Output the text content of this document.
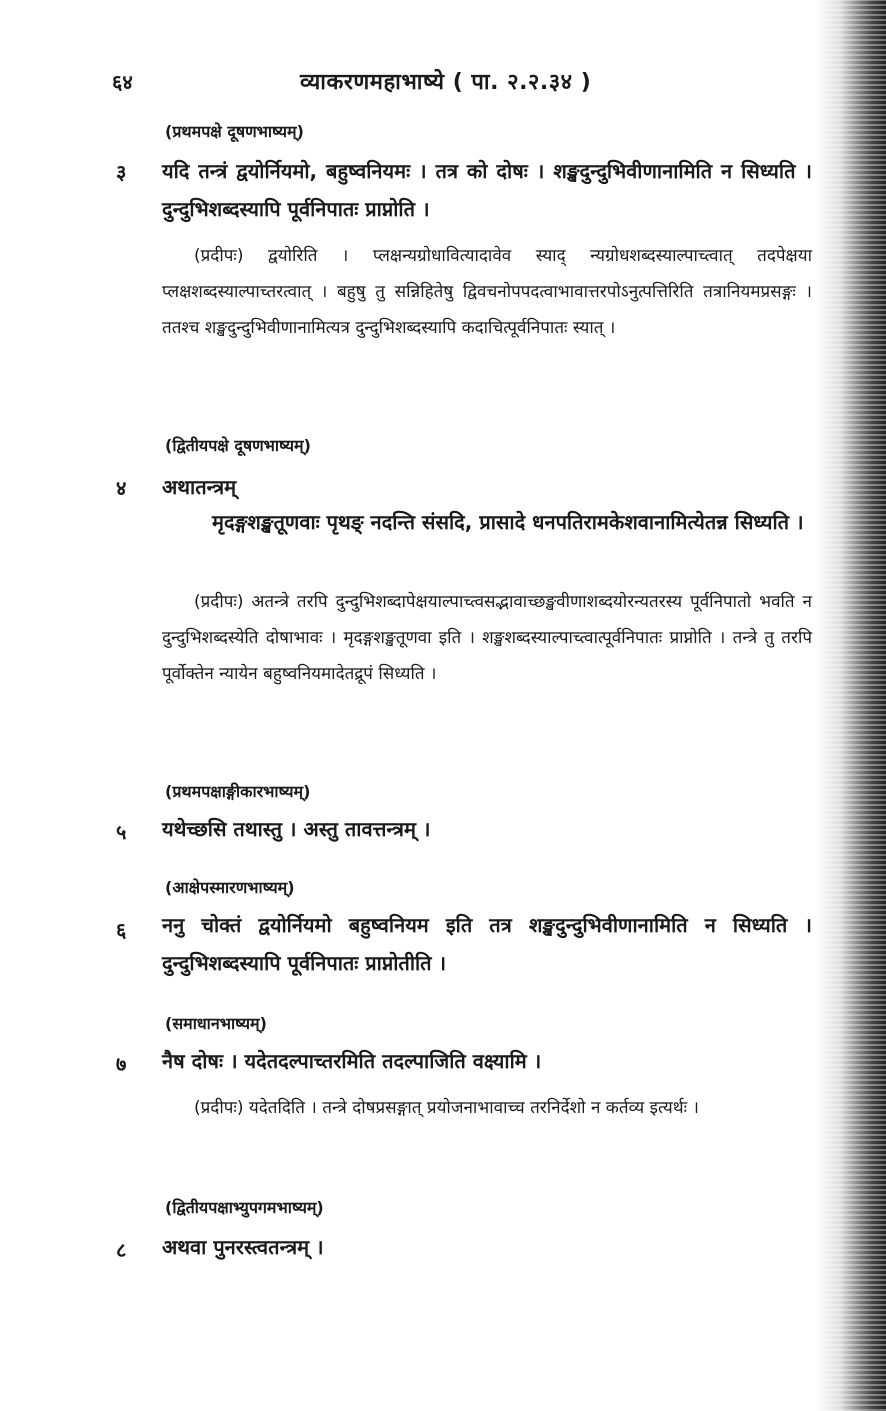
६४	व्याकरणमहाभाष्ये ( पा. २.२.३४ )
(प्रथमपक्षे दूषणभाष्यम्)
३ यदि तन्त्रं द्वयोर्नियमो, बहुष्वनियमः । तत्र को दोषः । शङ्खदुन्दुभिवीणानामिति न सिध्यति । दुन्दुभिशब्दस्यापि पूर्वनिपातः प्राप्नोति ।
(प्रदीपः) द्वयोरिति । प्लक्षन्यग्रोधावित्यादावेव स्याद् न्यग्रोधशब्दस्याल्पाच्त्वात् तदपेक्षया प्लक्षशब्दस्याल्पाच्तरत्वात् । बहुषु तु सन्निहितेषु द्विवचनोपपदत्वाभावात्तरपोऽनुत्पत्तिरिति तत्रानियमप्रसङ्गः । ततश्च शङ्खदुन्दुभिवीणानामित्यत्र दुन्दुभिशब्दस्यापि कदाचित्पूर्वनिपातः स्यात् ।
(द्वितीयपक्षे दूषणभाष्यम्)
४ अथातन्त्रम्
मृदङ्गशङ्खतूणवाः पृथङ् नदन्ति संसदि, प्रासादे धनपतिरामकेशवानामित्येतन्न सिध्यति ।
(प्रदीपः) अतन्त्रे तरपि दुन्दुभिशब्दापेक्षयाल्पाच्त्वसद्भावाच्छङ्खवीणाशब्दयोरन्यतरस्य पूर्वनिपातो भवति न दुन्दुभिशब्दस्येति दोषाभावः । मृदङ्गशङ्खतूणवा इति । शङ्खशब्दस्याल्पाच्त्वात्पूर्वनिपातः प्राप्नोति । तन्त्रे तु तरपि पूर्वोक्तेन न्यायेन बहुष्वनियमादेतद्रूपं सिध्यति ।
(प्रथमपक्षाङ्गीकारभाष्यम्)
५ यथेच्छसि तथास्तु । अस्तु तावत्तन्त्रम् ।
(आक्षेपस्मारणभाष्यम्)
६ ननु चोक्तं द्वयोर्नियमो बहुष्वनियम इति तत्र शङ्खदुन्दुभिवीणानामिति न सिध्यति । दुन्दुभिशब्दस्यापि पूर्वनिपातः प्राप्नोतीति ।
(समाधानभाष्यम्)
७ नैष दोषः । यदेतदल्पाच्तरमिति तदल्पाजिति वक्ष्यामि ।
(प्रदीपः) यदेतदिति । तन्त्रे दोषप्रसङ्गात् प्रयोजनाभावाच्च तरनिर्देशो न कर्तव्य इत्यर्थः ।
(द्वितीयपक्षाभ्युपगमभाष्यम्)
८ अथवा पुनरस्त्वतन्त्रम् ।
